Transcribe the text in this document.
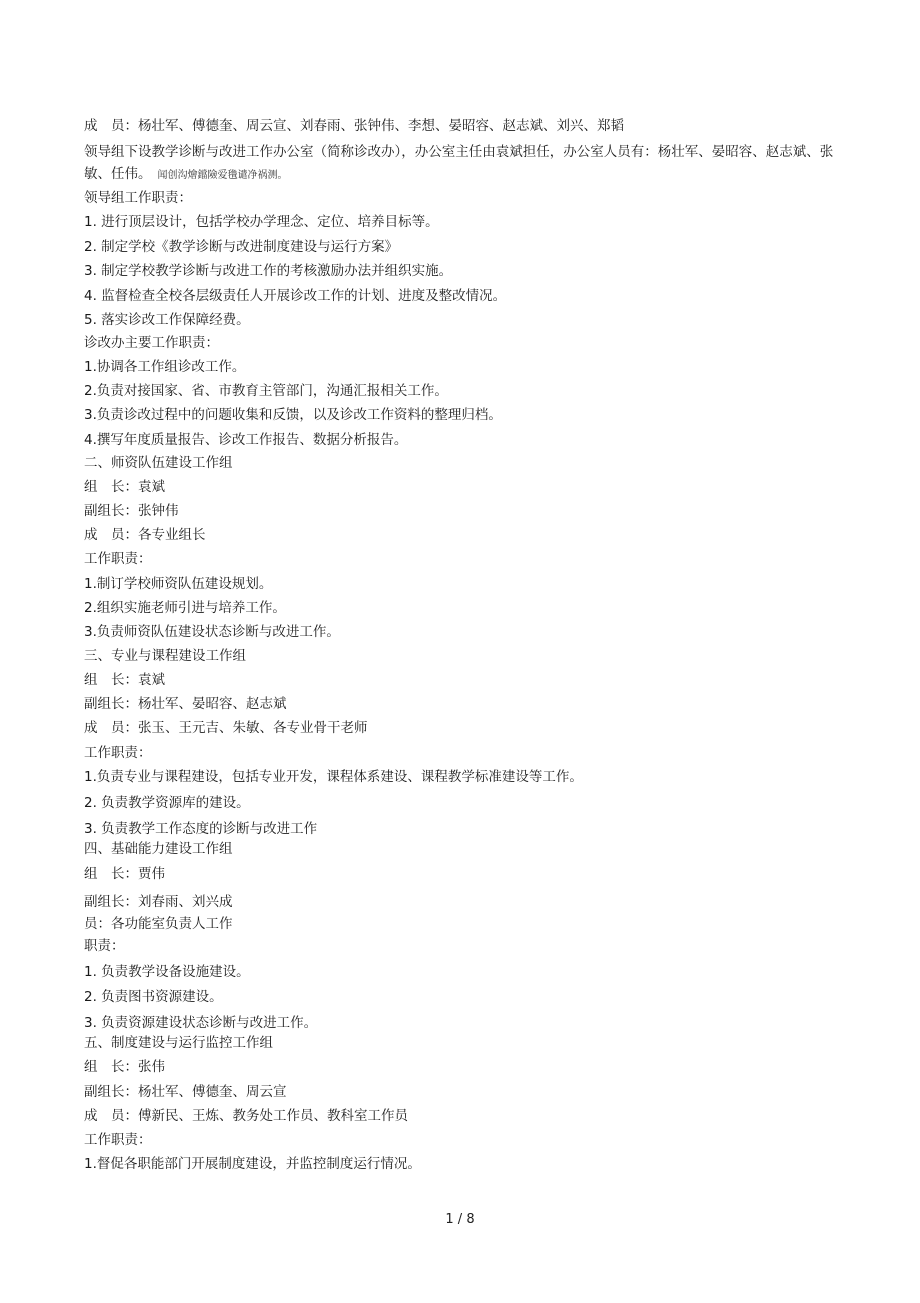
成　员：杨壮军、傅德奎、周云宣、刘春雨、张钟伟、李想、晏昭容、赵志斌、刘兴、郑韬
领导组下设教学诊断与改进工作办公室（简称诊改办），办公室主任由袁斌担任，办公室人员有：杨壮军、晏昭容、赵志斌、张敏、任伟。 闻创沟燴鐺險爱氇谴净祸测。
领导组工作职责：
1. 进行顶层设计，包括学校办学理念、定位、培养目标等。
2. 制定学校《教学诊断与改进制度建设与运行方案》
3. 制定学校教学诊断与改进工作的考核激励办法并组织实施。
4. 监督检查全校各层级责任人开展诊改工作的计划、进度及整改情况。
5. 落实诊改工作保障经费。
诊改办主要工作职责：
1.协调各工作组诊改工作。
2.负责对接国家、省、市教育主管部门，沟通汇报相关工作。
3.负责诊改过程中的问题收集和反馈，以及诊改工作资料的整理归档。
4.撰写年度质量报告、诊改工作报告、数据分析报告。
二、师资队伍建设工作组
组　长：袁斌
副组长：张钟伟
成　员：各专业组长
工作职责：
1.制订学校师资队伍建设规划。
2.组织实施老师引进与培养工作。
3.负责师资队伍建设状态诊断与改进工作。
三、专业与课程建设工作组
组　长：袁斌
副组长：杨壮军、晏昭容、赵志斌
成　员：张玉、王元吉、朱敏、各专业骨干老师
工作职责：
1.负责专业与课程建设，包括专业开发，课程体系建设、课程教学标准建设等工作。
2. 负责教学资源库的建设。
3. 负责教学工作态度的诊断与改进工作
四、基础能力建设工作组
组　长：贾伟
副组长：刘春雨、刘兴成
员：各功能室负责人工作
职责：
1. 负责教学设备设施建设。
2. 负责图书资源建设。
3. 负责资源建设状态诊断与改进工作。
五、制度建设与运行监控工作组
组　长：张伟
副组长：杨壮军、傅德奎、周云宣
成　员：傅新民、王炼、教务处工作员、教科室工作员
工作职责：
1.督促各职能部门开展制度建设，并监控制度运行情况。
1 / 8
